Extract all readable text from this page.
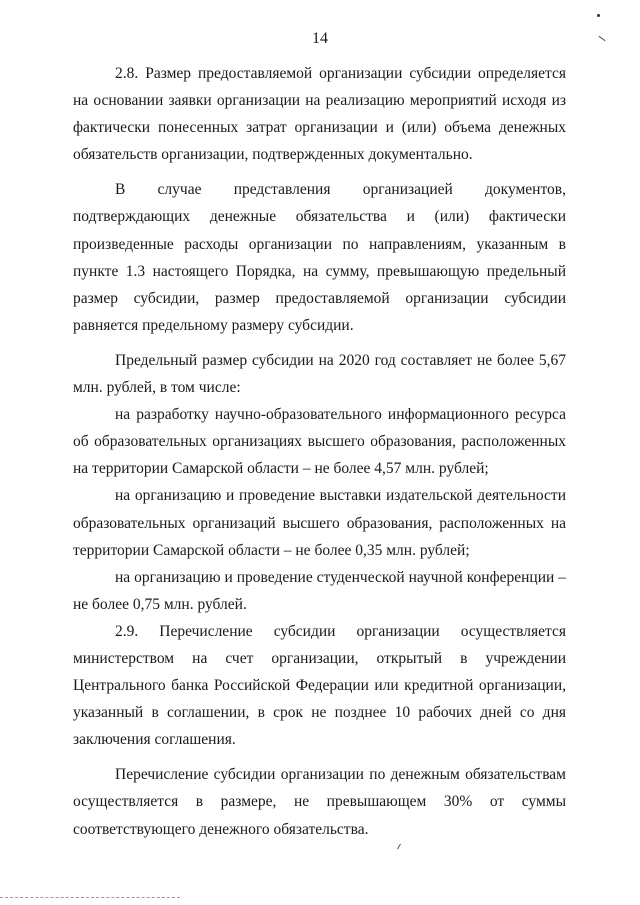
14

2.8. Размер предоставляемой организации субсидии определяется на основании заявки организации на реализацию мероприятий исходя из фактически понесенных затрат организации и (или) объема денежных обязательств организации, подтвержденных документально.

В случае представления организацией документов, подтверждающих денежные обязательства и (или) фактически произведенные расходы организации по направлениям, указанным в пункте 1.3 настоящего Порядка, на сумму, превышающую предельный размер субсидии, размер предоставляемой организации субсидии равняется предельному размеру субсидии.

Предельный размер субсидии на 2020 год составляет не более 5,67 млн. рублей, в том числе:

на разработку научно-образовательного информационного ресурса об образовательных организациях высшего образования, расположенных на территории Самарской области – не более 4,57 млн. рублей;

на организацию и проведение выставки издательской деятельности образовательных организаций высшего образования, расположенных на территории Самарской области – не более 0,35 млн. рублей;

на организацию и проведение студенческой научной конференции – не более 0,75 млн. рублей.

2.9. Перечисление субсидии организации осуществляется министерством на счет организации, открытый в учреждении Центрального банка Российской Федерации или кредитной организации, указанный в соглашении, в срок не позднее 10 рабочих дней со дня заключения соглашения.

Перечисление субсидии организации по денежным обязательствам осуществляется в размере, не превышающем 30% от суммы соответствующего денежного обязательства.
